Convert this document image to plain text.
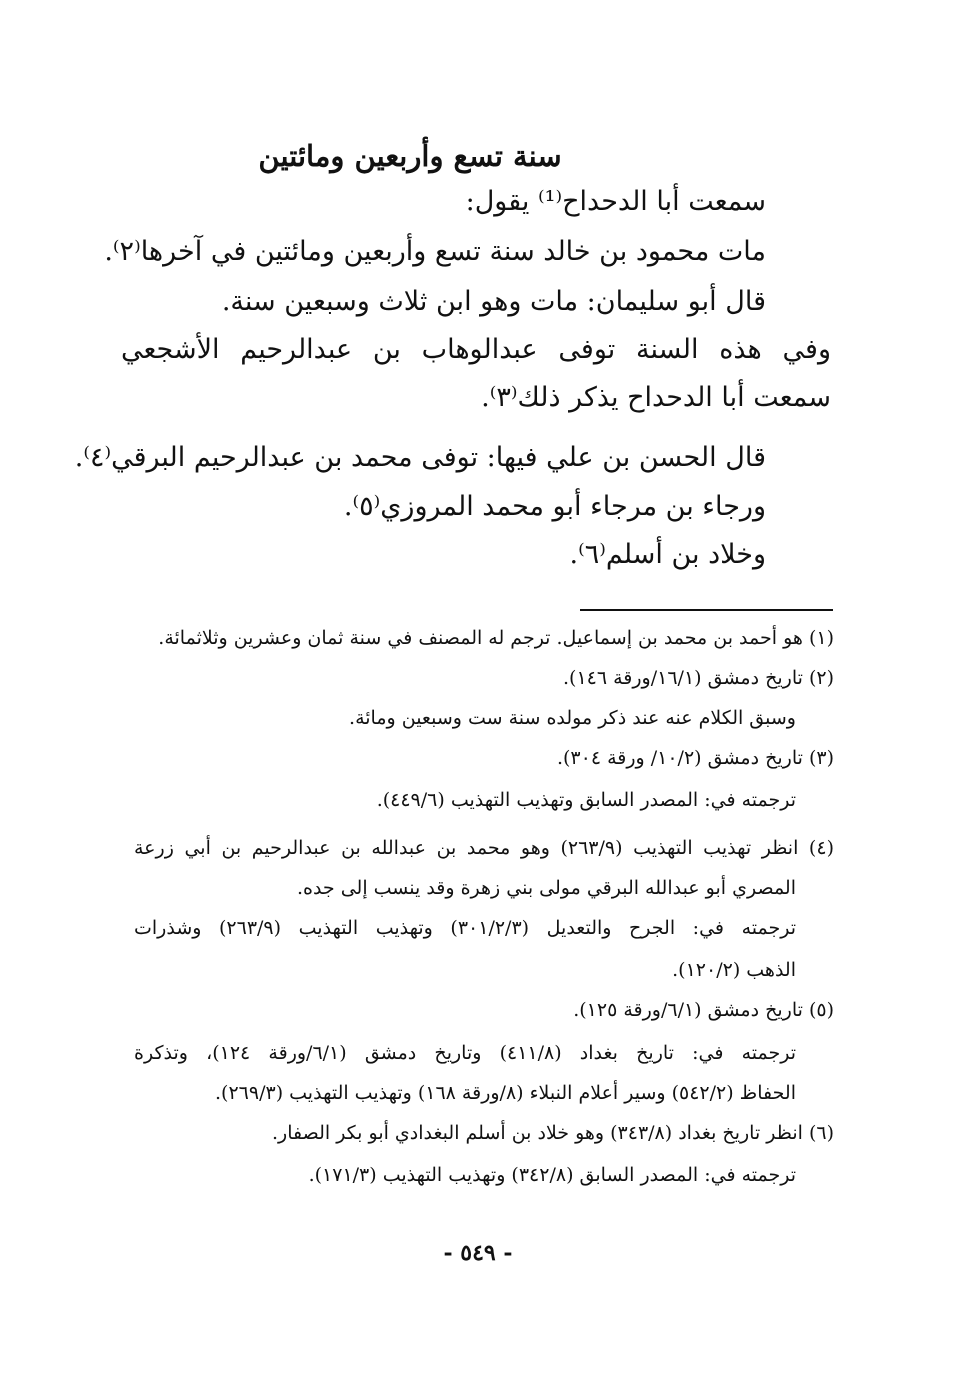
سنة تسع وأربعين ومائتين
سمعت أبا الدحداح⁽¹⁾ يقول:
مات محمود بن خالد سنة تسع وأربعين ومائتين في آخرها⁽٢⁾.
قال أبو سليمان: مات وهو ابن ثلاث وسبعين سنة.
وفي هذه السنة توفى عبدالوهاب بن عبدالرحيم الأشجعي
سمعت أبا الدحداح يذكر ذلك⁽٣⁾.
قال الحسن بن علي فيها: توفى محمد بن عبدالرحيم البرقي⁽٤⁾.
ورجاء بن مرجاء أبو محمد المروزي⁽٥⁾.
وخلاد بن أسلم⁽٦⁾.
(١) هو أحمد بن محمد بن إسماعيل. ترجم له المصنف في سنة ثمان وعشرين وثلاثمائة.
(٢) تاريخ دمشق (١٦/١/ورقة ١٤٦).
وسبق الكلام عنه عند ذكر مولده سنة ست وسبعين ومائة.
(٣) تاريخ دمشق (١٠/٢/ ورقة ٣٠٤).
ترجمته في: المصدر السابق وتهذيب التهذيب (٤٤٩/٦).
(٤) انظر تهذيب التهذيب (٢٦٣/٩) وهو محمد بن عبدالله بن عبدالرحيم بن أبي زرعة
المصري أبو عبدالله البرقي مولى بني زهرة وقد ينسب إلى جده.
ترجمته في: الجرح والتعديل (٣٠١/٢/٣) وتهذيب التهذيب (٢٦٣/٩) وشذرات
الذهب (١٢٠/٢).
(٥) تاريخ دمشق (٦/١/ورقة ١٢٥).
ترجمته في: تاريخ بغداد (٤١١/٨) وتاريخ دمشق (٦/١/ورقة ١٢٤)، وتذكرة
الحفاظ (٥٤٢/٢) وسير أعلام النبلاء (٨/ورقة ١٦٨) وتهذيب التهذيب (٢٦٩/٣).
(٦) انظر تاريخ بغداد (٣٤٣/٨) وهو خلاد بن أسلم البغدادي أبو بكر الصفار.
ترجمته في: المصدر السابق (٣٤٢/٨) وتهذيب التهذيب (١٧١/٣).
- ٥٤٩ -
